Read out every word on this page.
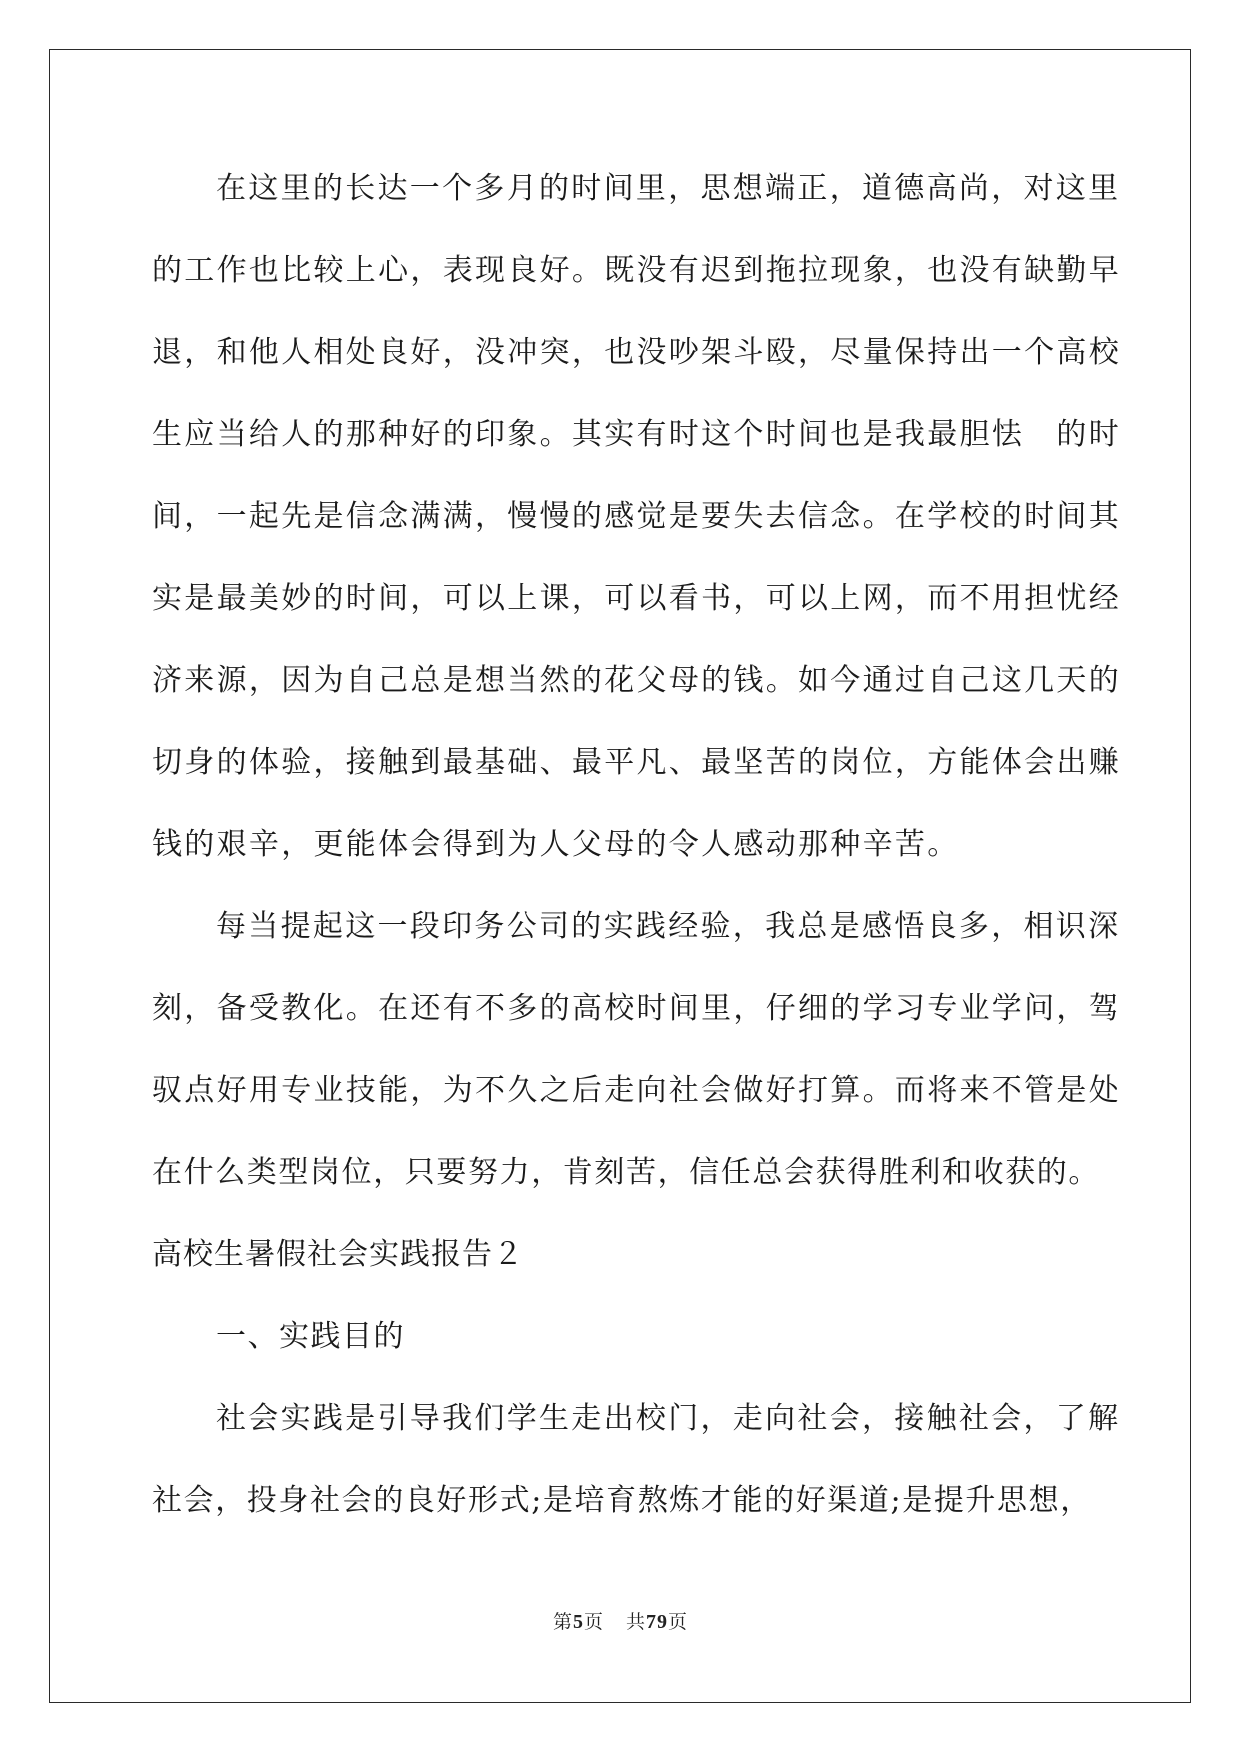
在这里的长达一个多月的时间里，思想端正，道德高尚，对这里
的工作也比较上心，表现良好。既没有迟到拖拉现象，也没有缺勤早
退，和他人相处良好，没冲突，也没吵架斗殴，尽量保持出一个高校
生应当给人的那种好的印象。其实有时这个时间也是我最胆怯　的时
间，一起先是信念满满，慢慢的感觉是要失去信念。在学校的时间其
实是最美妙的时间，可以上课，可以看书，可以上网，而不用担忧经
济来源，因为自己总是想当然的花父母的钱。如今通过自己这几天的
切身的体验，接触到最基础、最平凡、最坚苦的岗位，方能体会出赚
钱的艰辛，更能体会得到为人父母的令人感动那种辛苦。
每当提起这一段印务公司的实践经验，我总是感悟良多，相识深
刻，备受教化。在还有不多的高校时间里，仔细的学习专业学问，驾
驭点好用专业技能，为不久之后走向社会做好打算。而将来不管是处
在什么类型岗位，只要努力，肯刻苦，信任总会获得胜利和收获的。
高校生暑假社会实践报告２
一、实践目的
社会实践是引导我们学生走出校门，走向社会，接触社会，了解
社会，投身社会的良好形式;是培育熬炼才能的好渠道;是提升思想，
第5页 共79页
